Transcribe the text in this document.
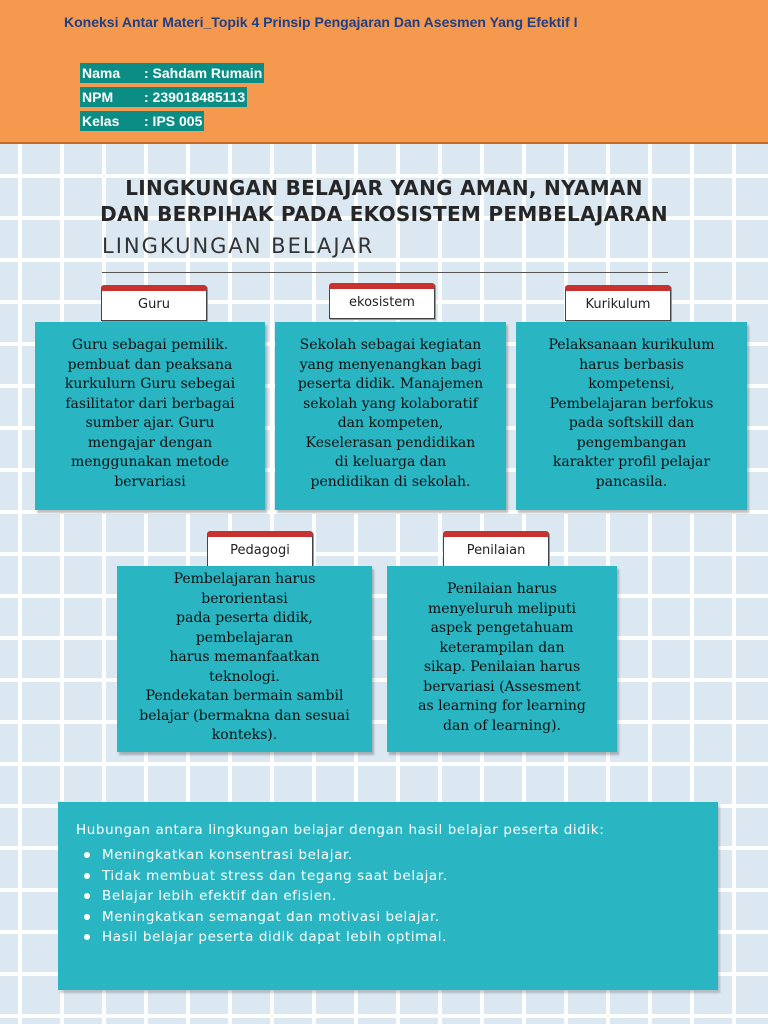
Koneksi Antar Materi_Topik 4 Prinsip Pengajaran Dan Asesmen Yang Efektif I
Nama : Sahdam Rumain
NPM : 239018485113
Kelas : IPS 005
LINGKUNGAN BELAJAR YANG AMAN, NYAMAN
DAN BERPIHAK PADA EKOSISTEM PEMBELAJARAN
LINGKUNGAN BELAJAR
Guru

Guru sebagai pemilik.

pembuat dan peaksana

kurkulurn Guru sebegai

fasilitator dari berbagai

sumber ajar. Guru

mengajar dengan

menggunakan metode

bervariasi

ekosistem

Sekolah sebagai kegiatan

yang menyenangkan bagi

peserta didik. Manajemen

sekolah yang kolaboratif

dan kompeten,

Keselerasan pendidikan

di keluarga dan

pendidikan di sekolah.

Kurikulum

Pelaksanaan kurikulum

harus berbasis

kompetensi,

Pembelajaran berfokus

pada softskill dan

pengembangan

karakter profil pelajar

pancasila.

Pedagogi

Pembelajaran harus

berorientasi

pada peserta didik,

pembelajaran

harus memanfaatkan

teknologi.

Pendekatan bermain sambil

belajar (bermakna dan sesuai

konteks).

Penilaian

Penilaian harus

menyeluruh meliputi

aspek pengetahuam

keterampilan dan

sikap. Penilaian harus

bervariasi (Assesment

as learning for learning

dan of learning).

Hubungan antara lingkungan belajar dengan hasil belajar peserta didik:
Meningkatkan konsentrasi belajar.
Tidak membuat stress dan tegang saat belajar.
Belajar lebih efektif dan efisien.
Meningkatkan semangat dan motivasi belajar.
Hasil belajar peserta didik dapat lebih optimal.
